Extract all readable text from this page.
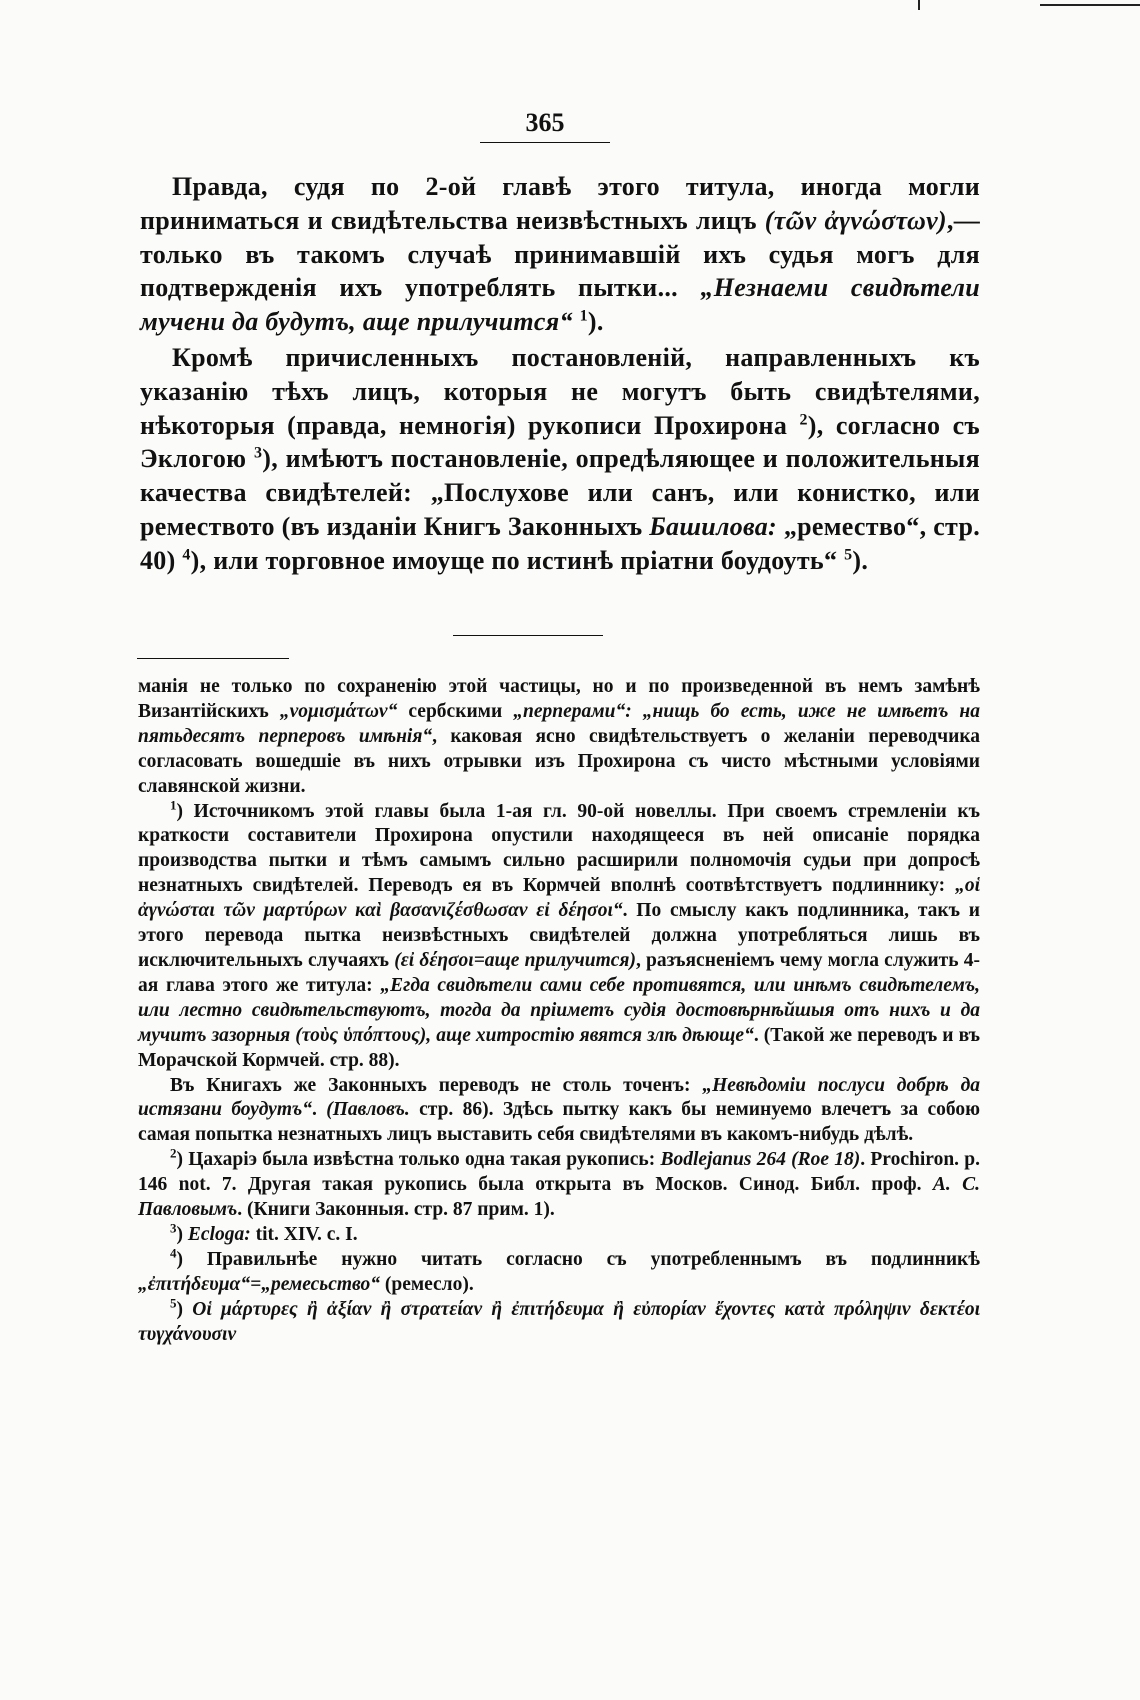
365

Правда, судя по 2-ой главѣ этого титула, иногда могли приниматься и свидѣтельства неизвѣстныхъ лицъ (τῶν ἀγνώστων),—только въ такомъ случаѣ принимавшій ихъ судья могъ для подтвержденія ихъ употреблять пытки... „Незнаеми свидѣтели мучени да будутъ, аще прилучится“ $^1$).

Кромѣ причисленныхъ постановленій, направленныхъ къ указанію тѣхъ лицъ, которыя не могутъ быть свидѣтелями, нѣкоторыя (правда, немногія) рукописи Прохирона $^2$), согласно съ Эклогою $^3$), имѣютъ постановленіе, опредѣляющее и положительныя качества свидѣтелей: „Послухове или санъ, или конистко, или ремеството (въ изданіи Книгъ Законныхъ Башилова: „ремество“, стр. 40) $^4$), или торговное имоуще по истинѣ пріатни боудоуть“ $^5$).

манія не только по сохраненію этой частицы, но и по произведенной въ немъ замѣнѣ Византійскихъ „νομισμάτων“ сербскими „перперами“: „нищь бо есть, иже не имѣетъ на пятьдесятъ перперовъ имѣнія“, каковая ясно свидѣтельствуетъ о желаніи переводчика согласовать вошедшіе въ нихъ отрывки изъ Прохирона съ чисто мѣстными условіями славянской жизни.

$^1$) Источникомъ этой главы была 1-ая гл. 90-ой новеллы. При своемъ стремленіи къ краткости составители Прохирона опустили находящееся въ ней описаніе порядка производства пытки и тѣмъ самымъ сильно расширили полномочія судьи при допросѣ незнатныхъ свидѣтелей. Переводъ ея въ Кормчей вполнѣ соотвѣтствуетъ подлиннику: „οἱ ἀγνώσται τῶν μαρτύρων καὶ βασανιζέσθωσαν εἰ δέησοι“. По смыслу какъ подлинника, такъ и этого перевода пытка неизвѣстныхъ свидѣтелей должна употребляться лишь въ исключительныхъ случаяхъ (εἰ δέησοι=аще прилучится), разъясненіемъ чему могла служить 4-ая глава этого же титула: „Егда свидѣтели сами себе противятся, или инѣмъ свидѣтелемъ, или лестно свидѣтельствуютъ, тогда да пріиметъ судія достовѣрнѣйшыя отъ нихъ и да мучитъ зазорныя (τοὺς ὑπόπτους), аще хитростію явятся злѣ дѣюще“. (Такой же переводъ и въ Морачской Кормчей. стр. 88).

Въ Книгахъ же Законныхъ переводъ не столь точенъ: „Невѣдоміи послуси добрѣ да истязани боудутъ“. (Павловъ. стр. 86). Здѣсь пытку какъ бы неминуемо влечетъ за собою самая попытка незнатныхъ лицъ выставить себя свидѣтелями въ какомъ-нибудь дѣлѣ.

$^2$) Цахаріэ была извѣстна только одна такая рукопись: Bodlejanus 264 (Roe 18). Prochiron. p. 146 not. 7. Другая такая рукопись была открыта въ Москов. Синод. Библ. проф. А. С. Павловымъ. (Книги Законныя. стр. 87 прим. 1).

$^3$) Ecloga: tit. XIV. c. I.

$^4$) Правильнѣе нужно читать согласно съ употребленнымъ въ подлинникѣ „ἐπιτήδευμα“=„ремесьство“ (ремесло).

$^5$) Οἱ μάρτυρες ἢ ἀξίαν ἢ στρατείαν ἢ ἐπιτήδευμα ἢ εὐπορίαν ἔχοντες κατὰ πρόληψιν δεκτέοι τυγχάνουσιν
